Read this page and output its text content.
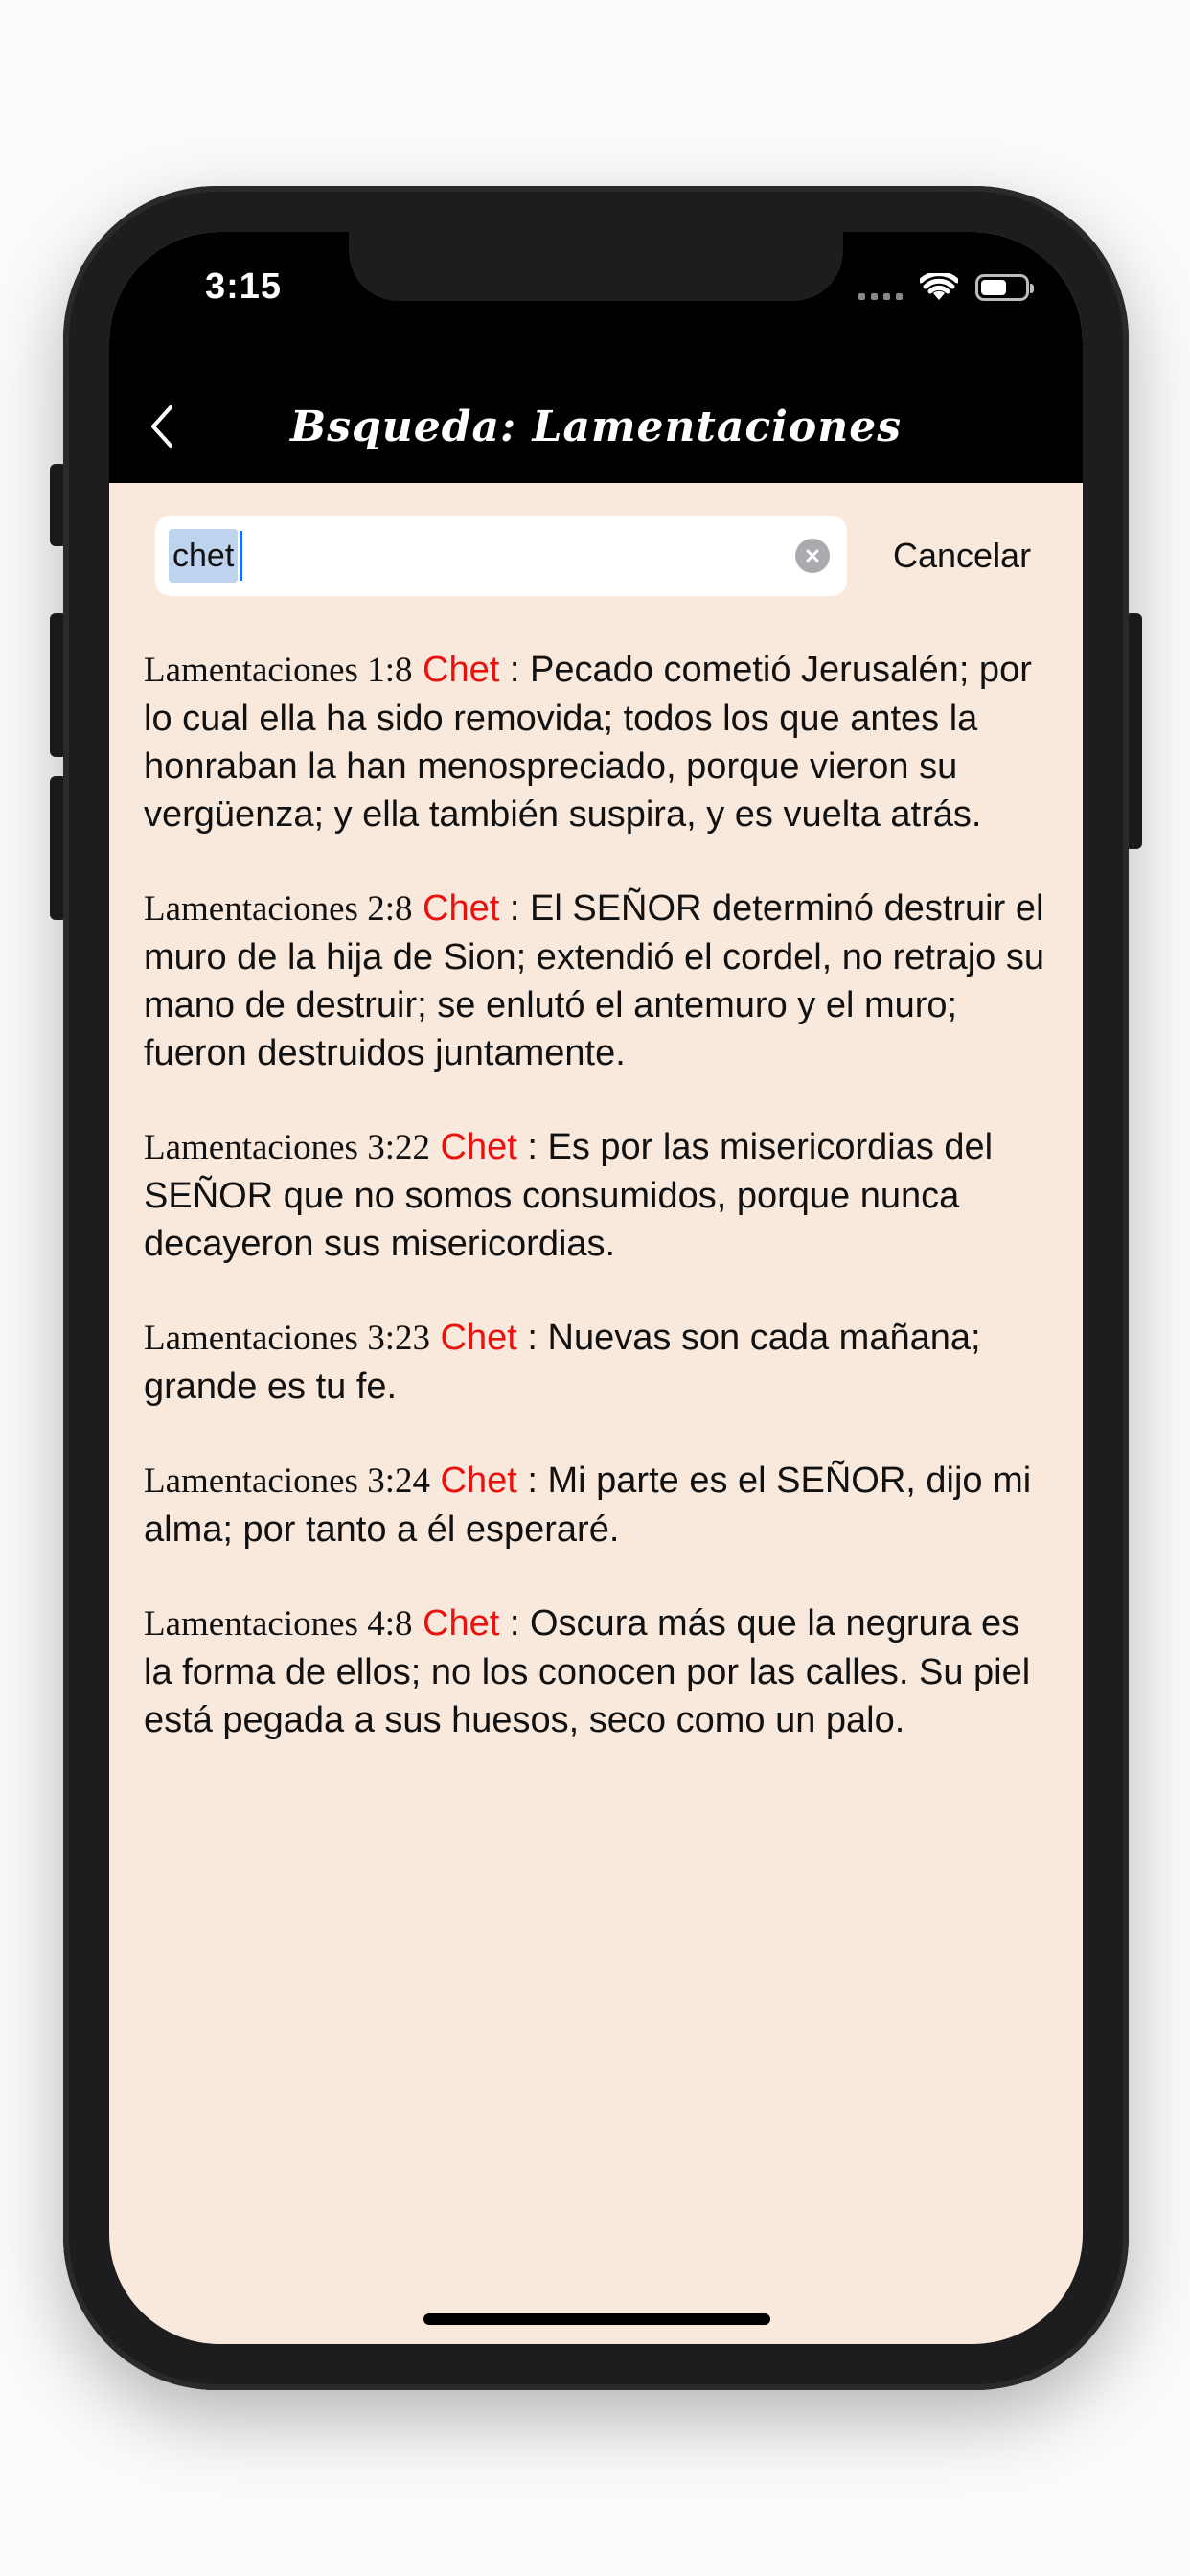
3:15
Bsqueda: Lamentaciones
chet	Cancelar

Lamentaciones 1:8 Chet : Pecado cometió Jerusalén; por lo cual ella ha sido removida; todos los que antes la honraban la han menospreciado, porque vieron su vergüenza; y ella también suspira, y es vuelta atrás.

Lamentaciones 2:8 Chet : El SEÑOR determinó destruir el muro de la hija de Sion; extendió el cordel, no retrajo su mano de destruir; se enlutó el antemuro y el muro; fueron destruidos juntamente.

Lamentaciones 3:22 Chet : Es por las misericordias del SEÑOR que no somos consumidos, porque nunca decayeron sus misericordias.

Lamentaciones 3:23 Chet : Nuevas son cada mañana; grande es tu fe.

Lamentaciones 3:24 Chet : Mi parte es el SEÑOR, dijo mi alma; por tanto a él esperaré.

Lamentaciones 4:8 Chet : Oscura más que la negrura es la forma de ellos; no los conocen por las calles. Su piel está pegada a sus huesos, seco como un palo.
